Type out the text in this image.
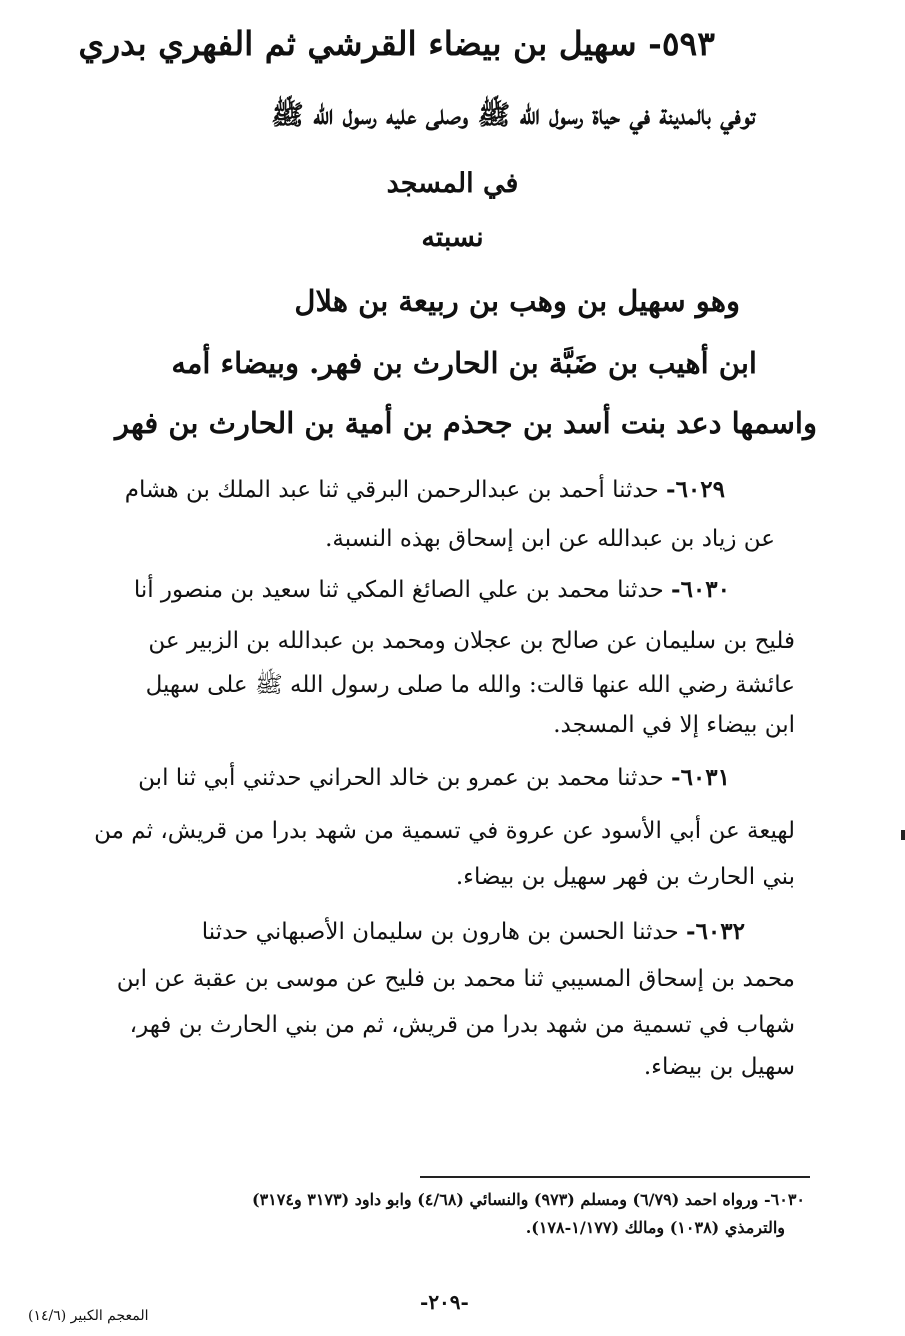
٥٩٣- سهيل بن بيضاء القرشي ثم الفهري بدري
توفي بالمدينة في حياة رسول الله ﷺ وصلى عليه رسول الله ﷺ
في المسجد
نسبته
وهو سهيل بن وهب بن ربيعة بن هلال
ابن أهيب بن ضَبَّة بن الحارث بن فهر. وبيضاء أمه
واسمها دعد بنت أسد بن جحذم بن أمية بن الحارث بن فهر
٦٠٢٩- حدثنا أحمد بن عبدالرحمن البرقي ثنا عبد الملك بن هشام
عن زياد بن عبدالله عن ابن إسحاق بهذه النسبة.
٦٠٣٠- حدثنا محمد بن علي الصائغ المكي ثنا سعيد بن منصور أنا
فليح بن سليمان عن صالح بن عجلان ومحمد بن عبدالله بن الزبير عن
عائشة رضي الله عنها قالت: والله ما صلى رسول الله ﷺ على سهيل
ابن بيضاء إلا في المسجد.
٦٠٣١- حدثنا محمد بن عمرو بن خالد الحراني حدثني أبي ثنا ابن
لهيعة عن أبي الأسود عن عروة في تسمية من شهد بدرا من قريش، ثم من
بني الحارث بن فهر سهيل بن بيضاء.
٦٠٣٢- حدثنا الحسن بن هارون بن سليمان الأصبهاني حدثنا
محمد بن إسحاق المسيبي ثنا محمد بن فليح عن موسى بن عقبة عن ابن
شهاب في تسمية من شهد بدرا من قريش، ثم من بني الحارث بن فهر،
سهيل بن بيضاء.
٦٠٣٠- ورواه احمد (٦/٧٩) ومسلم (٩٧٣) والنسائي (٤/٦٨) وابو داود (٣١٧٣ و٣١٧٤)
والترمذي (١٠٣٨) ومالك (١/١٧٧-١٧٨).
-٢٠٩-
المعجم الكبير (١٤/٦)
